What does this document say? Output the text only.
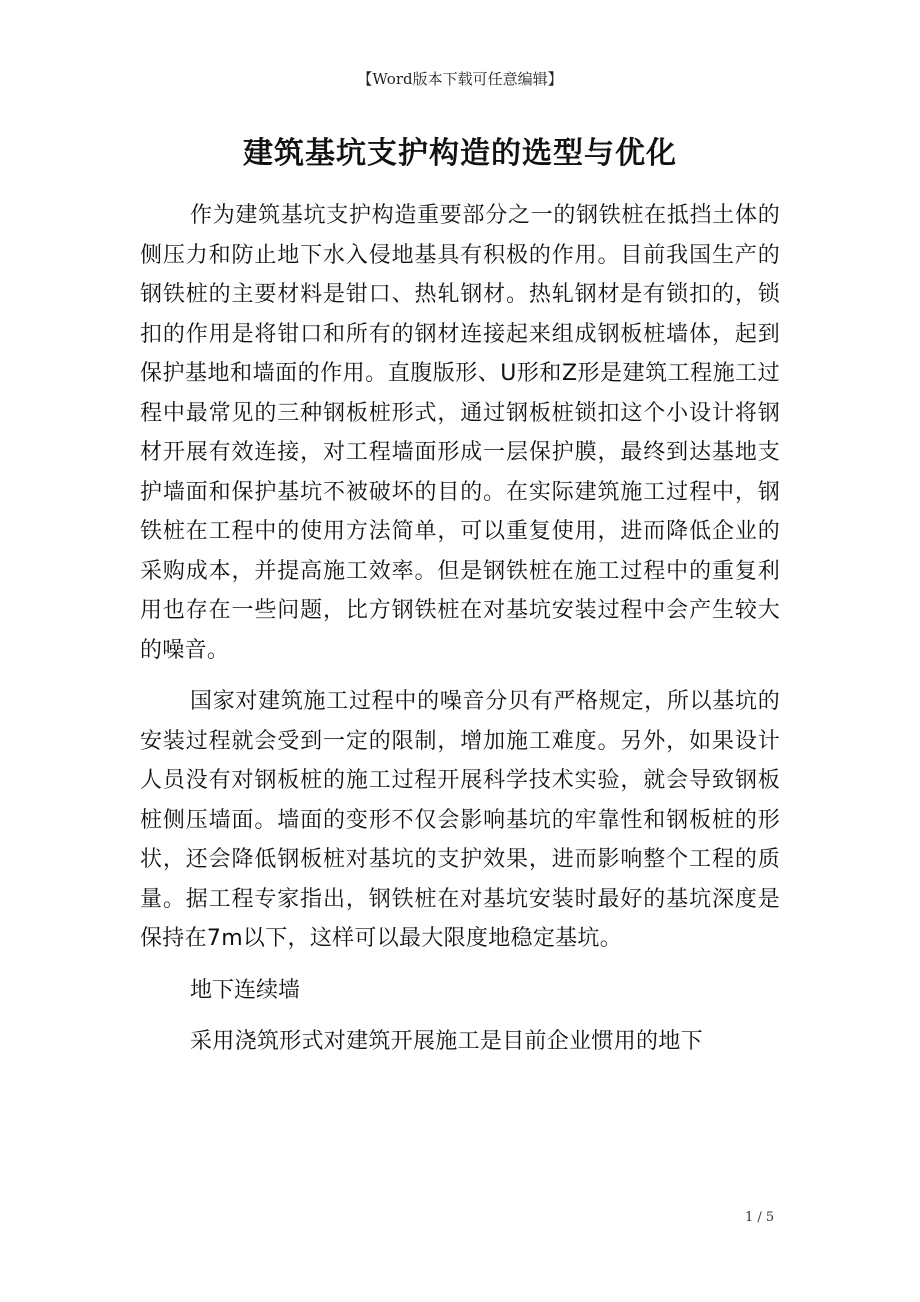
【Word版本下载可任意编辑】
建筑基坑支护构造的选型与优化

作为建筑基坑支护构造重要部分之一的钢铁桩在抵挡土体的侧压力和防止地下水入侵地基具有积极的作用。目前我国生产的钢铁桩的主要材料是钳口、热轧钢材。热轧钢材是有锁扣的，锁扣的作用是将钳口和所有的钢材连接起来组成钢板桩墙体，起到保护基地和墙面的作用。直腹版形、U形和Z形是建筑工程施工过程中最常见的三种钢板桩形式，通过钢板桩锁扣这个小设计将钢材开展有效连接，对工程墙面形成一层保护膜，最终到达基地支护墙面和保护基坑不被破坏的目的。在实际建筑施工过程中，钢铁桩在工程中的使用方法简单，可以重复使用，进而降低企业的采购成本，并提高施工效率。但是钢铁桩在施工过程中的重复利用也存在一些问题，比方钢铁桩在对基坑安装过程中会产生较大的噪音。

国家对建筑施工过程中的噪音分贝有严格规定，所以基坑的安装过程就会受到一定的限制，增加施工难度。另外，如果设计人员没有对钢板桩的施工过程开展科学技术实验，就会导致钢板桩侧压墙面。墙面的变形不仅会影响基坑的牢靠性和钢板桩的形状，还会降低钢板桩对基坑的支护效果，进而影响整个工程的质量。据工程专家指出，钢铁桩在对基坑安装时最好的基坑深度是保持在7m以下，这样可以最大限度地稳定基坑。

地下连续墙

采用浇筑形式对建筑开展施工是目前企业惯用的地下

1 / 5
